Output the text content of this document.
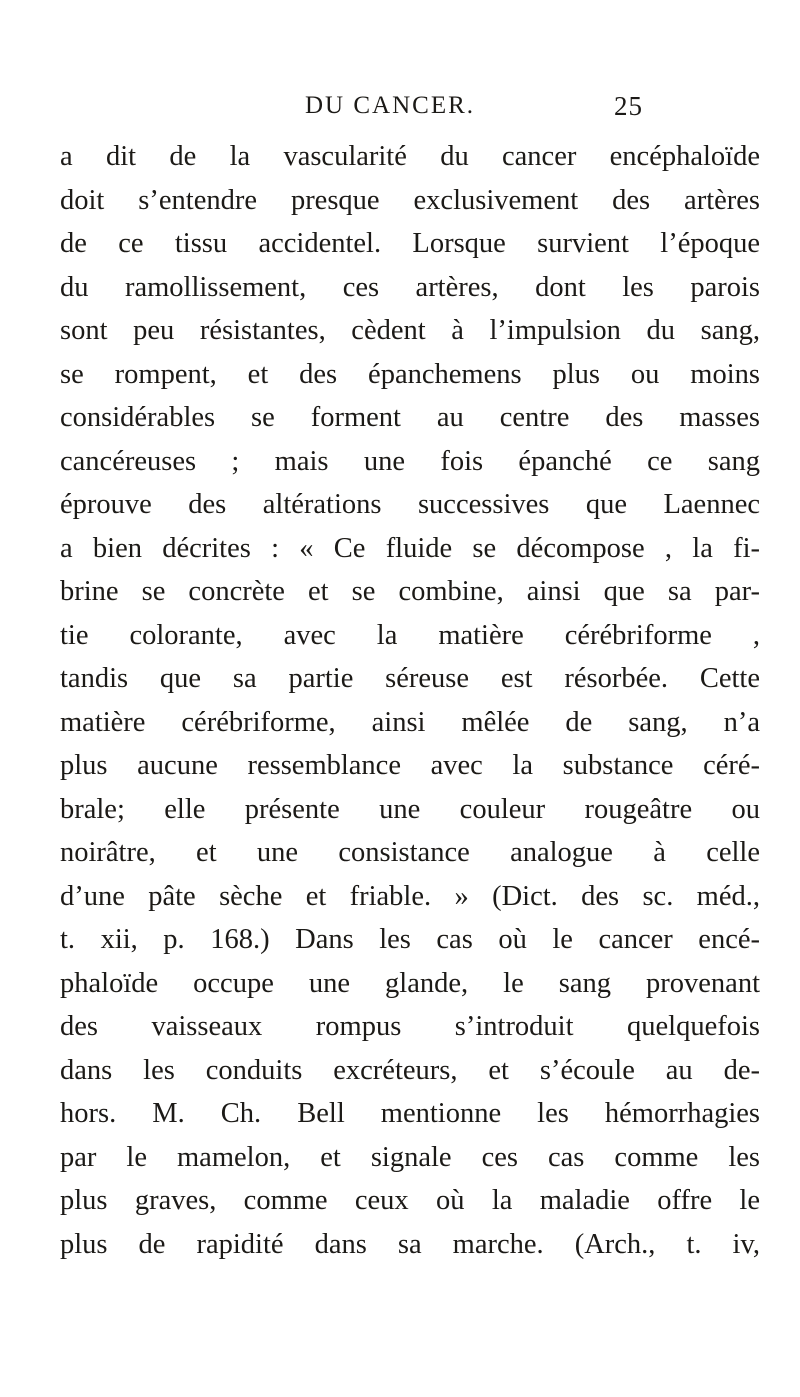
DU CANCER.	25
a dit de la vascularité du cancer encéphaloïde
doit s’entendre presque exclusivement des artères
de ce tissu accidentel. Lorsque survient l’époque
du ramollissement, ces artères, dont les parois
sont peu résistantes, cèdent à l’impulsion du sang,
se rompent, et des épanchemens plus ou moins
considérables se forment au centre des masses
cancéreuses ; mais une fois épanché ce sang
éprouve des altérations successives que Laennec
a bien décrites : « Ce fluide se décompose , la fi-
brine se concrète et se combine, ainsi que sa par-
tie colorante, avec la matière cérébriforme ,
tandis que sa partie séreuse est résorbée. Cette
matière cérébriforme, ainsi mêlée de sang, n’a
plus aucune ressemblance avec la substance céré-
brale; elle présente une couleur rougeâtre ou
noirâtre, et une consistance analogue à celle
d’une pâte sèche et friable. » (Dict. des sc. méd.,
t. xii, p. 168.) Dans les cas où le cancer encé-
phaloïde occupe une glande, le sang provenant
des vaisseaux rompus s’introduit quelquefois
dans les conduits excréteurs, et s’écoule au de-
hors. M. Ch. Bell mentionne les hémorrhagies
par le mamelon, et signale ces cas comme les
plus graves, comme ceux où la maladie offre le
plus de rapidité dans sa marche. (Arch., t. iv,
